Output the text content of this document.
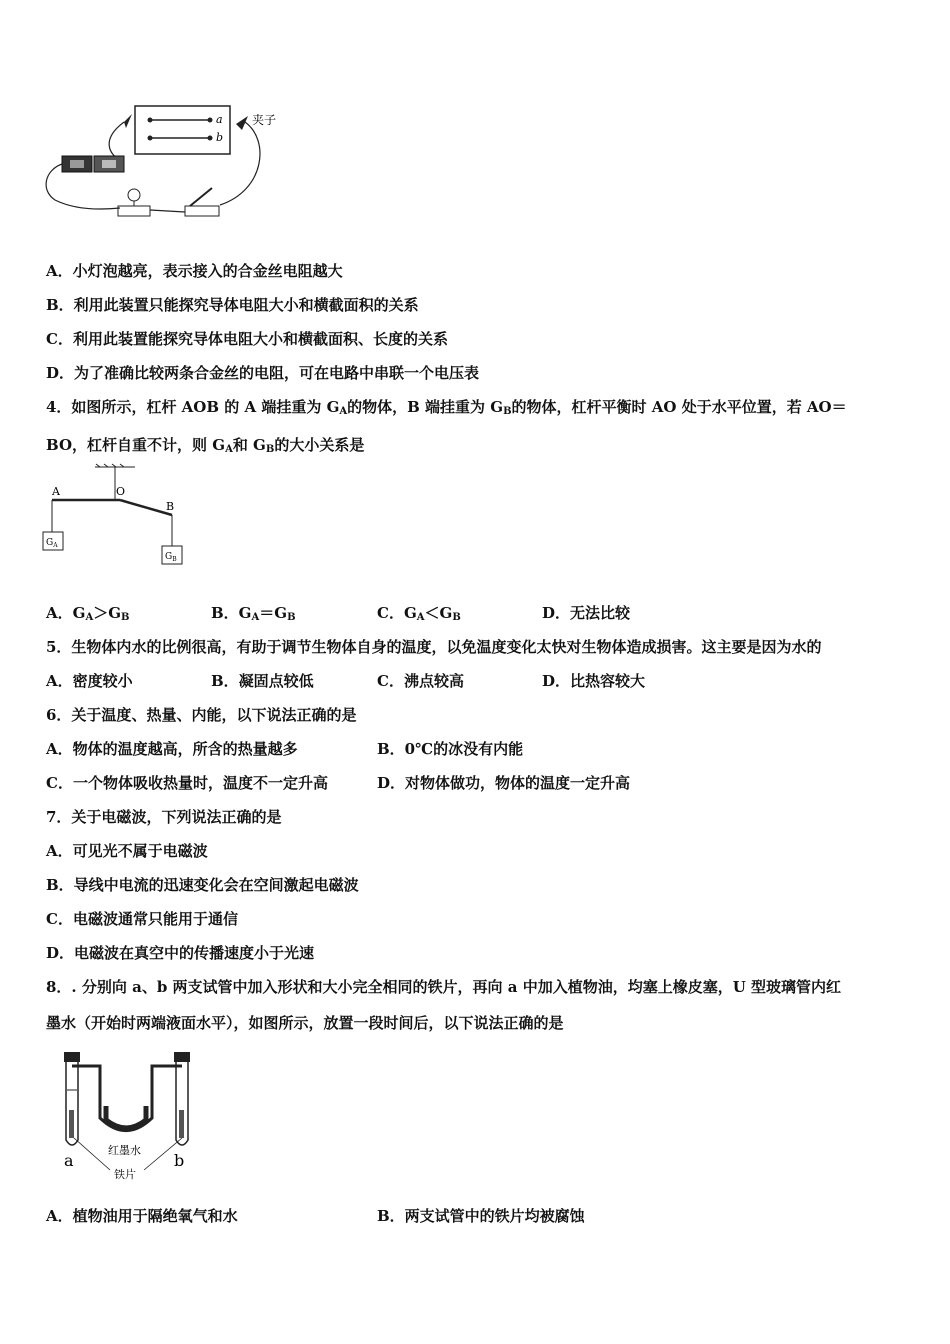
a
b
夹子
A．小灯泡越亮，表示接入的合金丝电阻越大
B．利用此装置只能探究导体电阻大小和横截面积的关系
C．利用此装置能探究导体电阻大小和横截面积、长度的关系
D．为了准确比较两条合金丝的电阻，可在电路中串联一个电压表
4．如图所示，杠杆 AOB 的 A 端挂重为 $G_A$的物体，B 端挂重为 $G_B$的物体，杠杆平衡时 AO 处于水平位置，若 AO＝
BO，杠杆自重不计，则 $G_A$和 $G_B$的大小关系是
A	O
B
$G_A$
$G_B$
A．$G_A>G_B$	B．$G_A=G_B$	C．$G_A<G_B$	D．无法比较
5．生物体内水的比例很高，有助于调节生物体自身的温度，以免温度变化太快对生物体造成损害。这主要是因为水的
A．密度较小	B．凝固点较低	C．沸点较高	D．比热容较大
6．关于温度、热量、内能，以下说法正确的是
A．物体的温度越高，所含的热量越多	B．0℃的冰没有内能
C．一个物体吸收热量时，温度不一定升高	D．对物体做功，物体的温度一定升高
7．关于电磁波，下列说法正确的是
A．可见光不属于电磁波
B．导线中电流的迅速变化会在空间激起电磁波
C．电磁波通常只能用于通信
D．电磁波在真空中的传播速度小于光速
8．. 分别向 a、b 两支试管中加入形状和大小完全相同的铁片，再向 a 中加入植物油，均塞上橡皮塞，U 型玻璃管内红
墨水（开始时两端液面水平），如图所示，放置一段时间后，以下说法正确的是
a	b
红墨水
铁片
A．植物油用于隔绝氧气和水	B．两支试管中的铁片均被腐蚀
